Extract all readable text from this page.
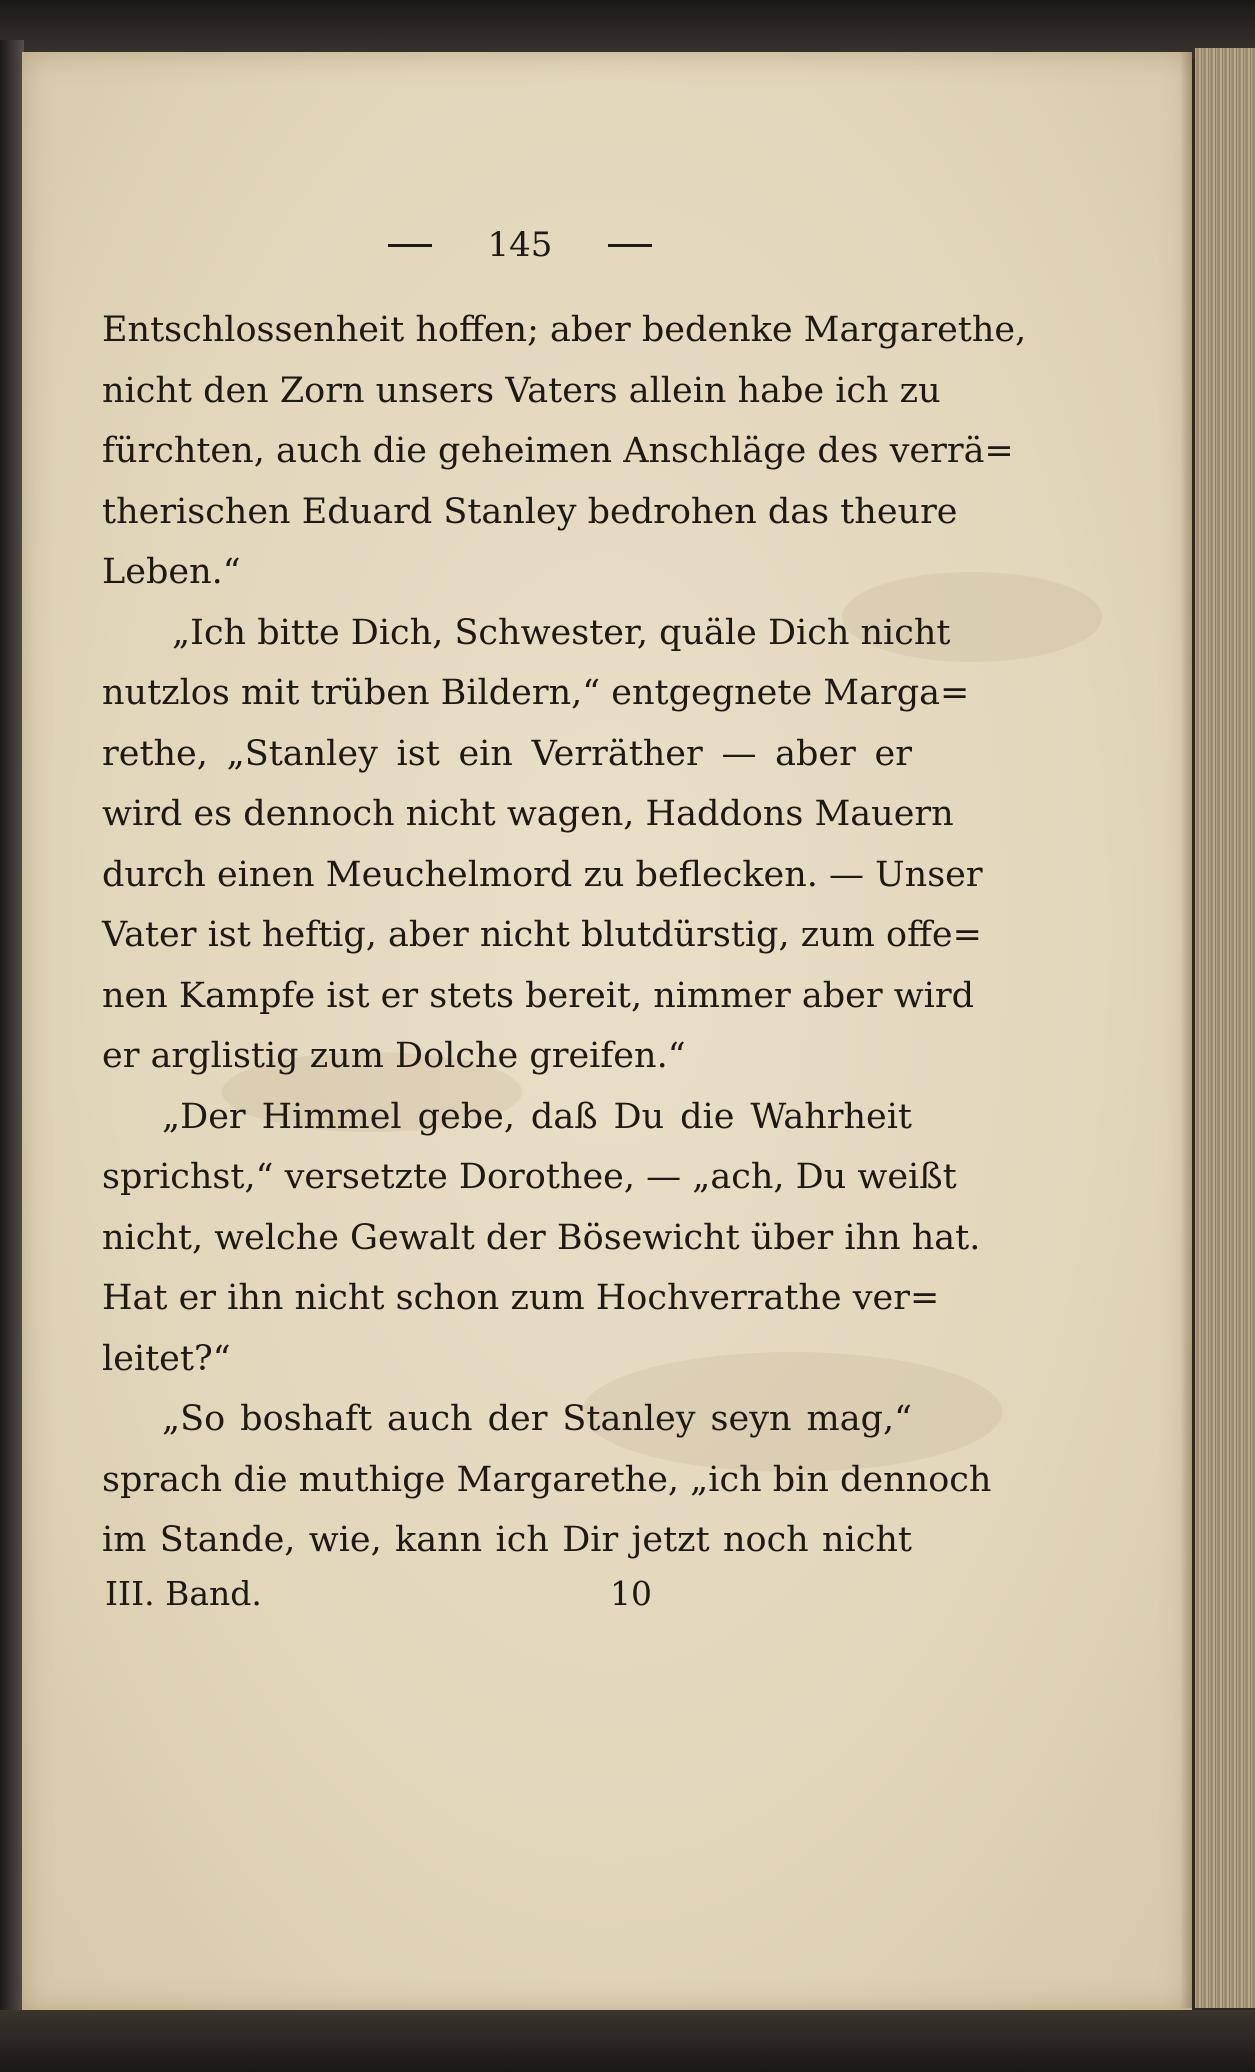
145

Entschlossenheit hoffen; aber bedenke Margarethe,
nicht den Zorn unsers Vaters allein habe ich zu
fürchten, auch die geheimen Anschläge des verrä=
therischen Eduard Stanley bedrohen das theure
Leben.“

„Ich bitte Dich, Schwester, quäle Dich nicht
nutzlos mit trüben Bildern,“ entgegnete Marga=
rethe, „Stanley ist ein Verräther — aber er
wird es dennoch nicht wagen, Haddons Mauern
durch einen Meuchelmord zu beflecken. — Unser
Vater ist heftig, aber nicht blutdürstig, zum offe=
nen Kampfe ist er stets bereit, nimmer aber wird
er arglistig zum Dolche greifen.“

„Der Himmel gebe, daß Du die Wahrheit
sprichst,“ versetzte Dorothee, — „ach, Du weißt
nicht, welche Gewalt der Bösewicht über ihn hat.
Hat er ihn nicht schon zum Hochverrathe ver=
leitet?“

„So boshaft auch der Stanley seyn mag,“
sprach die muthige Margarethe, „ich bin dennoch
im Stande, wie, kann ich Dir jetzt noch nicht

III. Band.	10
